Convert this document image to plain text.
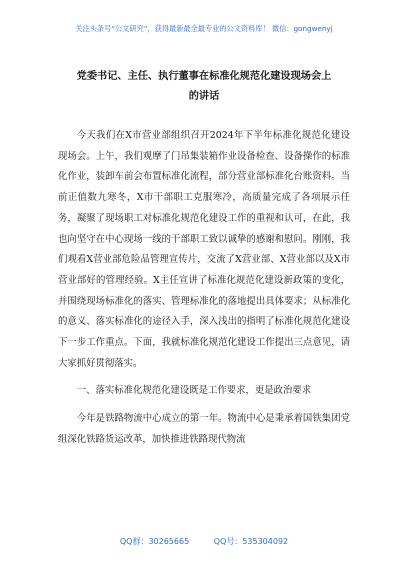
关注头条号“公文研究”，获得最新最全最专业的公文资料库！ 微信：gongwenyj
党委书记、主任、执行董事在标准化规范化建设现场会上
的讲话

今天我们在X市营业部组织召开2024年下半年标准化规范化建设现场会。上午，我们观摩了门吊集装箱作业设备检查、设备操作的标准化作业，装卸车前会布置标准化流程，部分营业部标准化台账资料。当前正值数九寒冬，X市干部职工克服寒冷，高质量完成了各项展示任务，凝聚了现场职工对标准化规范化建设工作的重视和认可，在此，我也向坚守在中心现场一线的干部职工致以诚挚的感谢和慰问。刚刚，我们观看X营业部危险品管理宣传片，交流了X营业部、X营业部以及X市营业部好的管理经验。X主任宣讲了标准化规范化建设新政策的变化，并围绕现场标准化的落实、管理标准化的落地提出具体要求；从标准化的意义、落实标准化的途径入手，深入浅出的指明了标准化规范化建设下一步工作重点。下面，我就标准化规范化建设工作提出三点意见，请大家抓好贯彻落实。

一、落实标准化规范化建设既是工作要求，更是政治要求

今年是铁路物流中心成立的第一年。物流中心是秉承着国铁集团党组深化铁路货运改革，加快推进铁路现代物流

QQ群：30265665	QQ号：535304092
